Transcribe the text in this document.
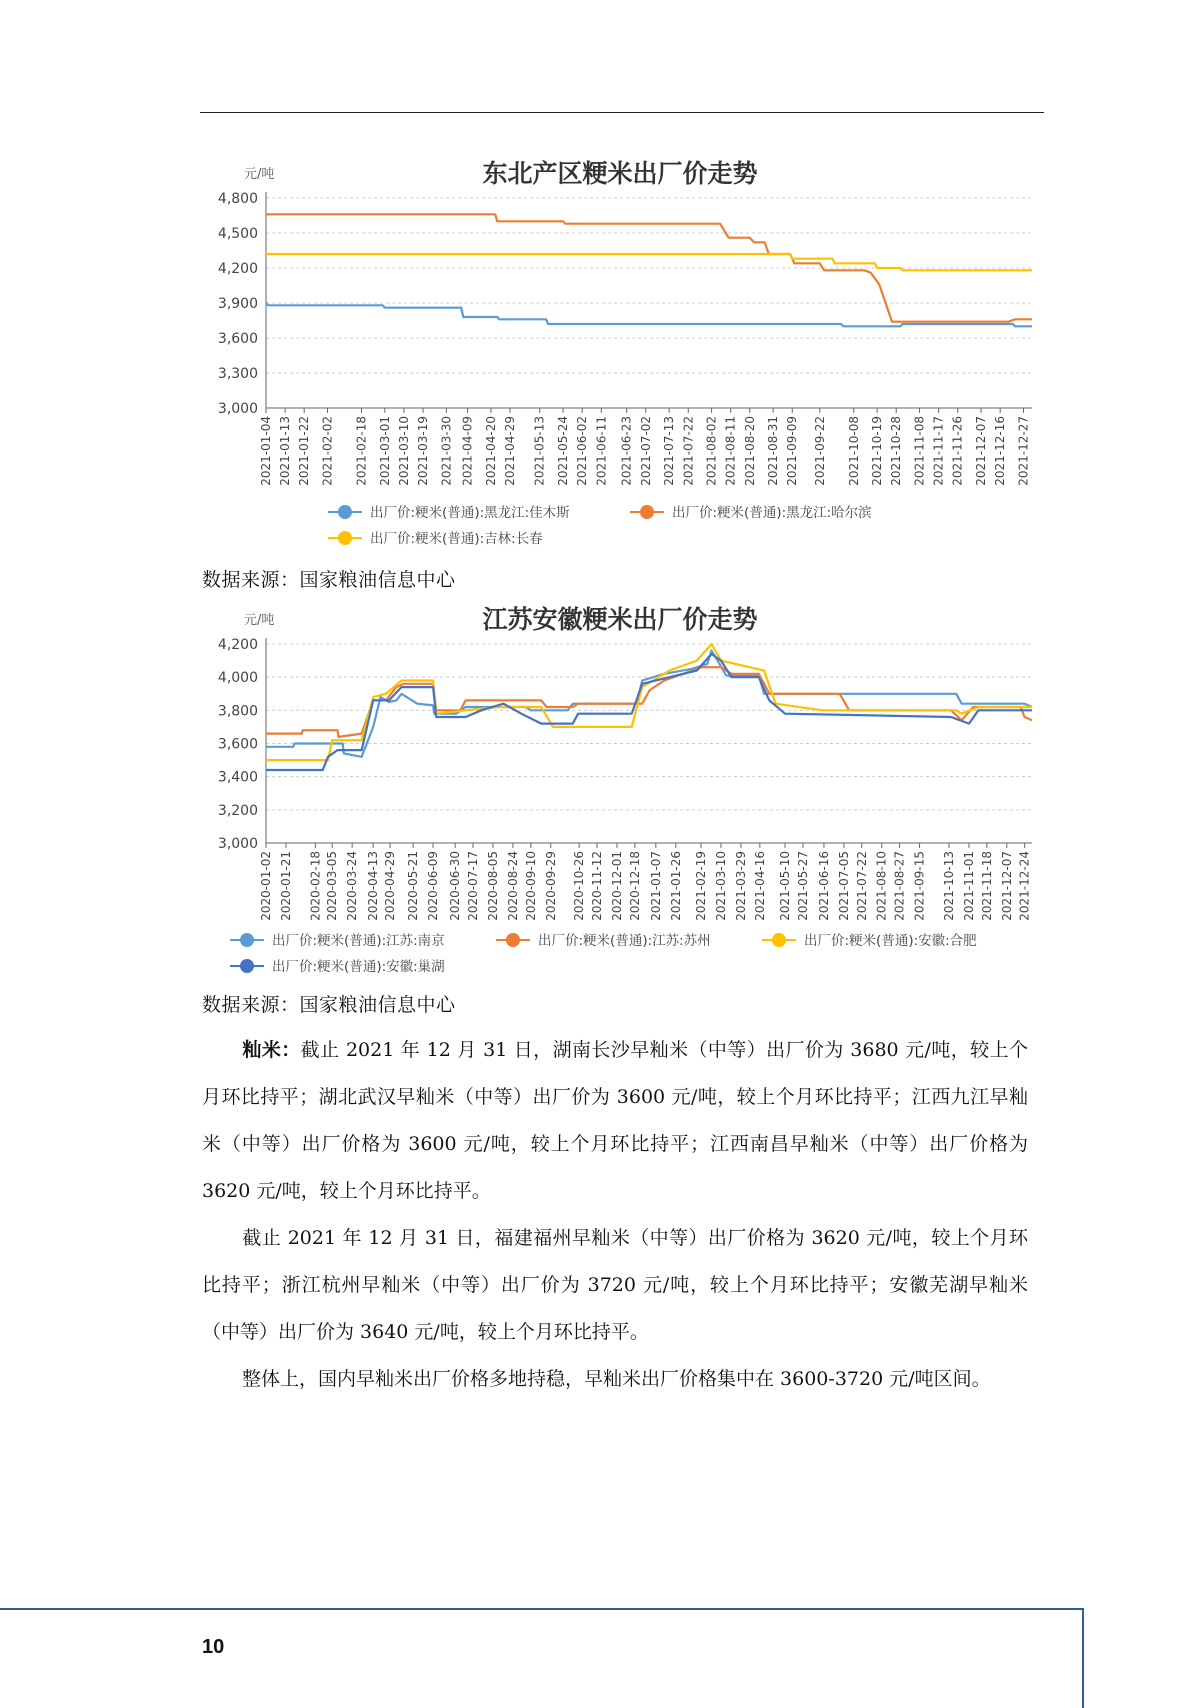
东北产区粳米出厂价走势
元/吨
4,800
4,500
4,200
3,900
3,600
3,300
3,000
2021-01-04 2021-01-13 2021-01-22 2021-02-02 2021-02-18 2021-03-01 2021-03-10 2021-03-19 2021-03-30 2021-04-09 2021-04-20 2021-04-29 2021-05-13 2021-05-24 2021-06-02 2021-06-11 2021-06-23 2021-07-02 2021-07-13 2021-07-22 2021-08-02 2021-08-11 2021-08-20 2021-08-31 2021-09-09 2021-09-22 2021-10-08 2021-10-19 2021-10-28 2021-11-08 2021-11-17 2021-11-26 2021-12-07 2021-12-16 2021-12-27
出厂价:粳米(普通):黑龙江:佳木斯	出厂价:粳米(普通):黑龙江:哈尔滨
出厂价:粳米(普通):吉林:长春
数据来源：国家粮油信息中心
江苏安徽粳米出厂价走势
元/吨
4,200
4,000
3,800
3,600
3,400
3,200
3,000
2020-01-02 2020-01-21 2020-02-18 2020-03-05 2020-03-24 2020-04-13 2020-04-29 2020-05-21 2020-06-09 2020-06-30 2020-07-17 2020-08-05 2020-08-24 2020-09-10 2020-09-29 2020-10-26 2020-11-12 2020-12-01 2020-12-18 2021-01-07 2021-01-26 2021-02-19 2021-03-10 2021-03-29 2021-04-16 2021-05-10 2021-05-27 2021-06-16 2021-07-05 2021-07-22 2021-08-10 2021-08-27 2021-09-15 2021-10-13 2021-11-01 2021-11-18 2021-12-07 2021-12-24
出厂价:粳米(普通):江苏:南京	出厂价:粳米(普通):江苏:苏州	出厂价:粳米(普通):安徽:合肥
出厂价:粳米(普通):安徽:巢湖
数据来源：国家粮油信息中心
籼米：截止 2021 年 12 月 31 日，湖南长沙早籼米（中等）出厂价为 3680 元/吨，较上个月环比持平；湖北武汉早籼米（中等）出厂价为 3600 元/吨，较上个月环比持平；江西九江早籼米（中等）出厂价格为 3600 元/吨，较上个月环比持平；江西南昌早籼米（中等）出厂价格为 3620 元/吨，较上个月环比持平。
截止 2021 年 12 月 31 日，福建福州早籼米（中等）出厂价格为 3620 元/吨，较上个月环比持平；浙江杭州早籼米（中等）出厂价为 3720 元/吨，较上个月环比持平；安徽芜湖早籼米（中等）出厂价为 3640 元/吨，较上个月环比持平。
整体上，国内早籼米出厂价格多地持稳，早籼米出厂价格集中在 3600-3720 元/吨区间。
10
